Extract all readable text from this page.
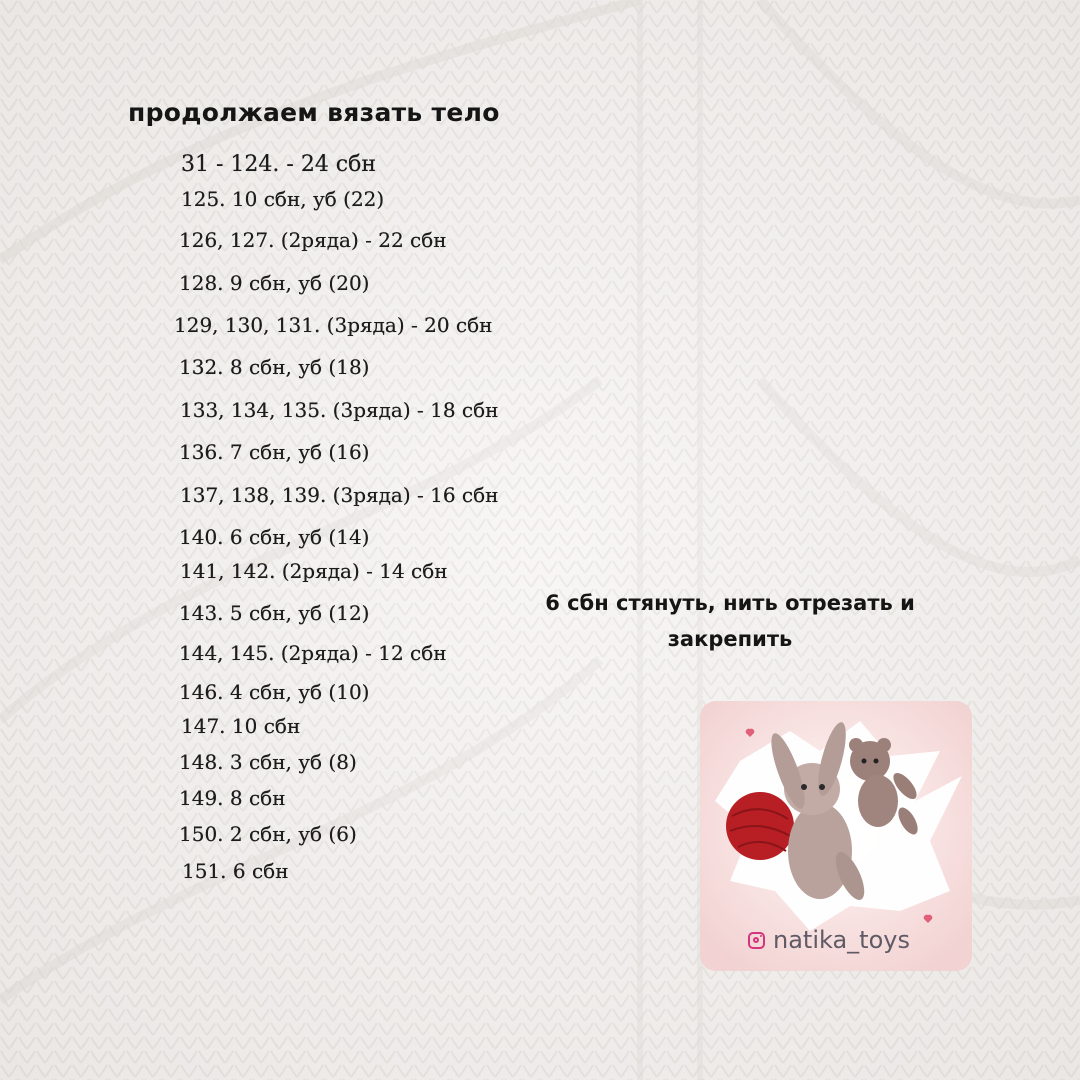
продолжаем вязать тело
31 - 124. - 24 сбн
125. 10 сбн, уб (22)
126, 127. (2ряда) - 22 сбн
128. 9 сбн, уб (20)
129, 130, 131. (3ряда) - 20 сбн
132. 8 сбн, уб (18)
133, 134, 135. (3ряда) - 18 сбн
136. 7 сбн, уб (16)
137, 138, 139. (3ряда) - 16 сбн
140. 6 сбн, уб (14)
141, 142. (2ряда) - 14 сбн
143. 5 сбн, уб (12)
144, 145. (2ряда) - 12 сбн
146. 4 сбн, уб (10)
147. 10 сбн
148. 3 сбн, уб (8)
149. 8 сбн
150. 2 сбн, уб (6)
151. 6 сбн
6 сбн стянуть, нить отрезать и закрепить
natika_toys
